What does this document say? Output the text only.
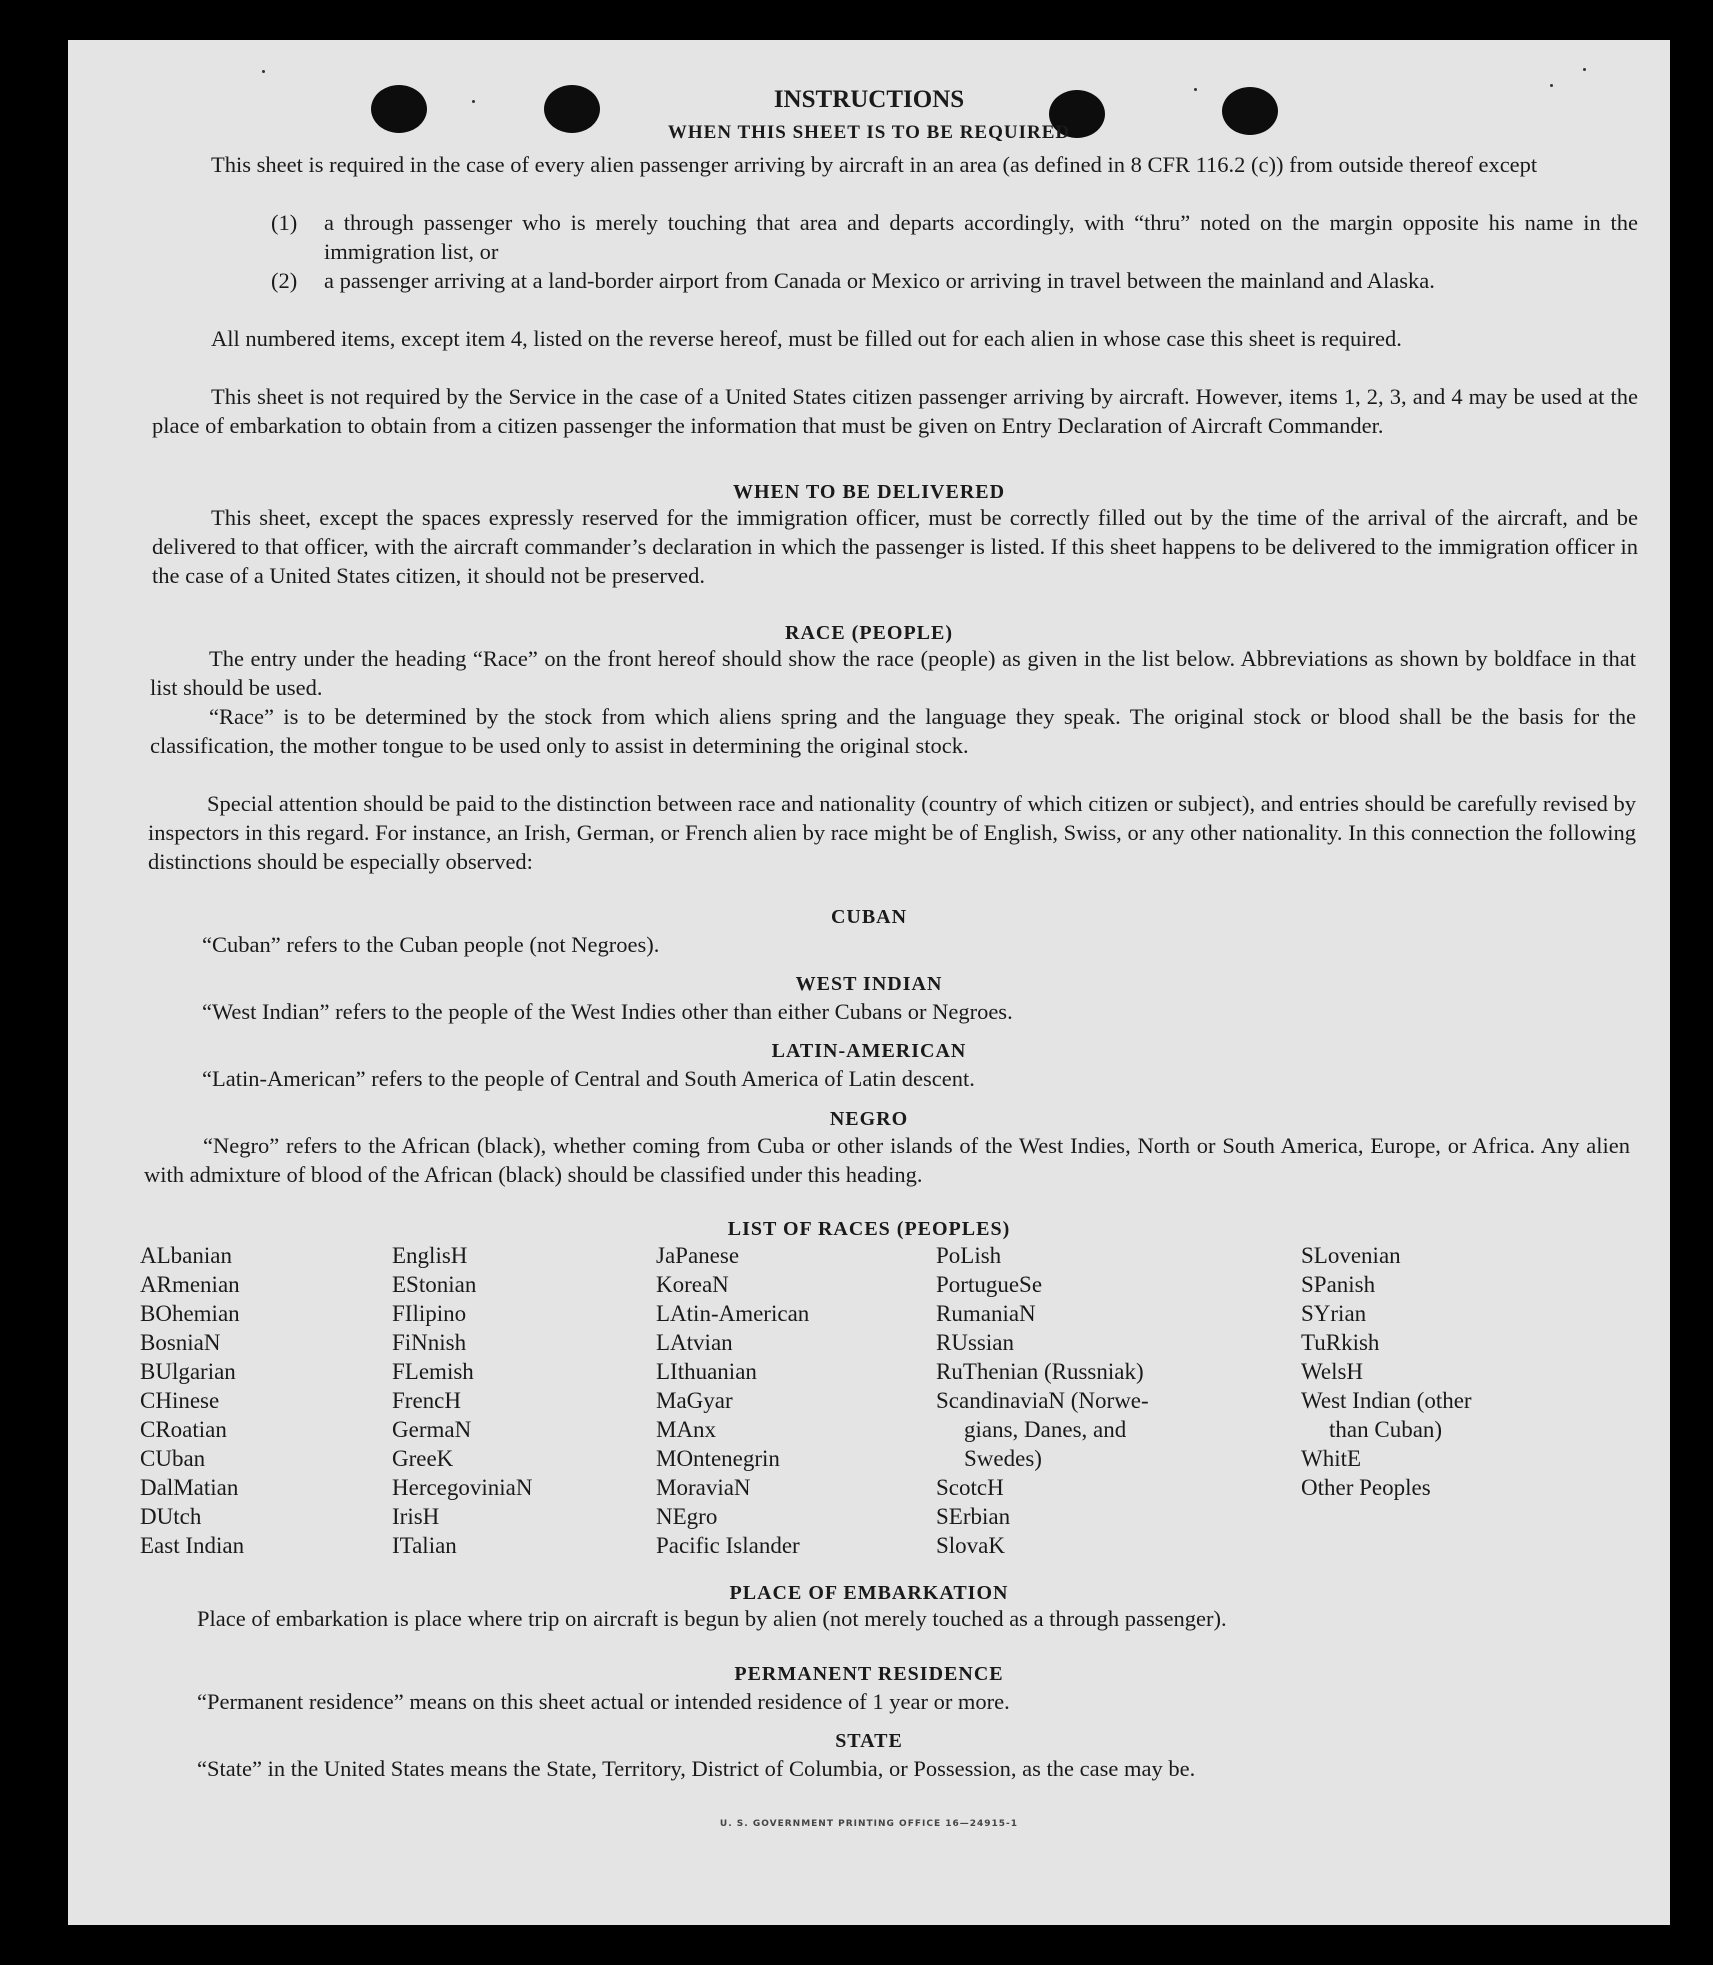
INSTRUCTIONS
WHEN THIS SHEET IS TO BE REQUIRED
This sheet is required in the case of every alien passenger arriving by aircraft in an area (as defined in 8 CFR 116.2 (c)) from outside thereof except
(1) a through passenger who is merely touching that area and departs accordingly, with “thru” noted on the margin opposite his name in the immigration list, or
(2) a passenger arriving at a land-border airport from Canada or Mexico or arriving in travel between the mainland and Alaska.
All numbered items, except item 4, listed on the reverse hereof, must be filled out for each alien in whose case this sheet is required.
This sheet is not required by the Service in the case of a United States citizen passenger arriving by aircraft. However, items 1, 2, 3, and 4 may be used at the place of embarkation to obtain from a citizen passenger the information that must be given on Entry Declaration of Aircraft Commander.
WHEN TO BE DELIVERED
This sheet, except the spaces expressly reserved for the immigration officer, must be correctly filled out by the time of the arrival of the aircraft, and be delivered to that officer, with the aircraft commander’s declaration in which the passenger is listed. If this sheet happens to be delivered to the immigration officer in the case of a United States citizen, it should not be preserved.
RACE (PEOPLE)
The entry under the heading “Race” on the front hereof should show the race (people) as given in the list below. Abbreviations as shown by boldface in that list should be used.
“Race” is to be determined by the stock from which aliens spring and the language they speak. The original stock or blood shall be the basis for the classification, the mother tongue to be used only to assist in determining the original stock.
Special attention should be paid to the distinction between race and nationality (country of which citizen or subject), and entries should be carefully revised by inspectors in this regard. For instance, an Irish, German, or French alien by race might be of English, Swiss, or any other nationality. In this connection the following distinctions should be especially observed:
CUBAN
“Cuban” refers to the Cuban people (not Negroes).
WEST INDIAN
“West Indian” refers to the people of the West Indies other than either Cubans or Negroes.
LATIN-AMERICAN
“Latin-American” refers to the people of Central and South America of Latin descent.
NEGRO
“Negro” refers to the African (black), whether coming from Cuba or other islands of the West Indies, North or South America, Europe, or Africa. Any alien with admixture of blood of the African (black) should be classified under this heading.
LIST OF RACES (PEOPLES)
ALbanian
ARmenian
BOhemian
BosniaN
BUlgarian
CHinese
CRoatian
CUban
DalMatian
DUtch
East Indian
EnglisH
EStonian
FIlipino
FiNnish
FLemish
FrencH
GermaN
GreeK
HercegoviniaN
IrisH
ITalian
JaPanese
KoreaN
LAtin-American
LAtvian
LIthuanian
MaGyar
MAnx
MOntenegrin
MoraviaN
NEgro
Pacific Islander
PoLish
PortugueSe
RumaniaN
RUssian
RuThenian (Russniak)
ScandinaviaN (Norwe-
gians, Danes, and
Swedes)
ScotcH
SErbian
SlovaK
SLovenian
SPanish
SYrian
TuRkish
WelsH
West Indian (other
than Cuban)
WhitE
Other Peoples
PLACE OF EMBARKATION
Place of embarkation is place where trip on aircraft is begun by alien (not merely touched as a through passenger).
PERMANENT RESIDENCE
“Permanent residence” means on this sheet actual or intended residence of 1 year or more.
STATE
“State” in the United States means the State, Territory, District of Columbia, or Possession, as the case may be.
U. S. GOVERNMENT PRINTING OFFICE 16—24915-1
